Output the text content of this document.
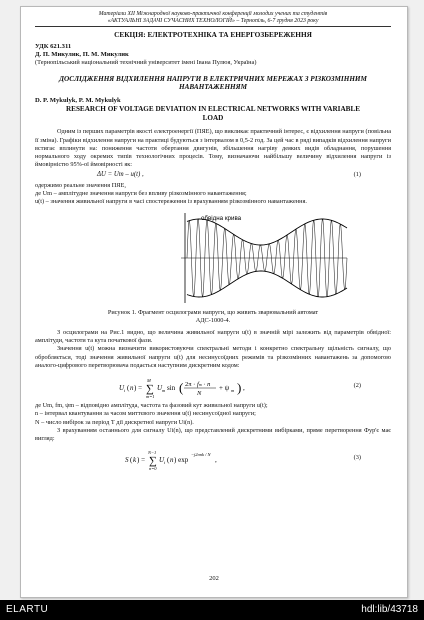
Матеріали XII Міжнародної науково-практичної конференції молодих учених та студентів
«АКТУАЛЬНІ ЗАДАЧІ СУЧАСНИХ ТЕХНОЛОГІЙ» – Тернопіль, 6-7 грудня 2023 року
СЕКЦІЯ: ЕЛЕКТРОТЕХНІКА ТА ЕНЕРГОЗБЕРЕЖЕННЯ
УДК 621.311
Д. П. Микулик, П. М. Микулик
(Тернопільський національний технічний університет імені Івана Пулюя, Україна)
ДОСЛІДЖЕННЯ ВІДХИЛЕННЯ НАПРУГИ В ЕЛЕКТРИЧНИХ МЕРЕЖАХ З РІЗКОЗМІННИМ НАВАНТАЖЕННЯМ
D. P. Mykulyk, P. M. Mykulyk
RESEARCH OF VOLTAGE DEVIATION IN ELECTRICAL NETWORKS WITH VARIABLE LOAD

Одним із перших параметрів якості електроенергії (ПЯЕ), що викликає практичний інтерес, є відхилення напруги (повільна її зміна). Графіки відхилення напруги на практиці будуються з інтервалом в 0,5-2 год. За цей час в ряді випадків відхилення напруги встигає вплинути на: пониження частоти обертання двигунів, збільшення нагріву деяких видів обладнання, порушення нормального ходу окремих типів технологічних процесів. Тому, визначаючи найбільшу величину відхилення напруги із ймовірністю 95%-ої ймовірності як:

ΔU = Um – u(t) ,	(1)

одержимо реальне значення ПЯЕ,

де Um – амплітудне значення напруги без впливу різкозмінного навантаження;

u(t) – значення живильної напруги в часі спостереження із врахуванням різкозмінного навантаження.

обвідна крива
Рисунок 1. Фрагмент осцилограми напруги, що живить зварювальний автомат АДС-1000-4.

З осцилограми на Рис.1 видно, що величина живильної напруги u(t) в значній мірі залежить від параметрів обвідної: амплітуди, частоти та кута початкової фази.

Значення u(t) можна визначити використовуючи спектральні методи і конкретно спектральну щільність сигналу, що обробляється, тоді значення живильної напруги u(t) для несинусоїдних режимів та різкозмінних навантажень за допомогою аналого-цифрового перетворювача подається наступним дискретним кодом:

U i ( n ) = ∑
M
m=1
U m sin ( 2π · fm · n
N
+ ψ m ) ,	(2)

де Um, fm, ψm – відповідно амплітуда, частота та фазовий кут живильної напруги u(t);

n – інтервал квантування за часом миттєвого значення u(t) несинусоїдної напруги;

N – число вибірок за період T дії дискретної напруги Ui(n).

З врахуванням останнього для сигналу Ui(n), що представлений дискретними вибірками, пряме перетворення Фур'є має вигляд:

S ( k ) = ∑
N−1
n=0
U i ( n ) exp
−j2πnk / N
,	(3)
202
ELARTU	hdl:lib/43718
